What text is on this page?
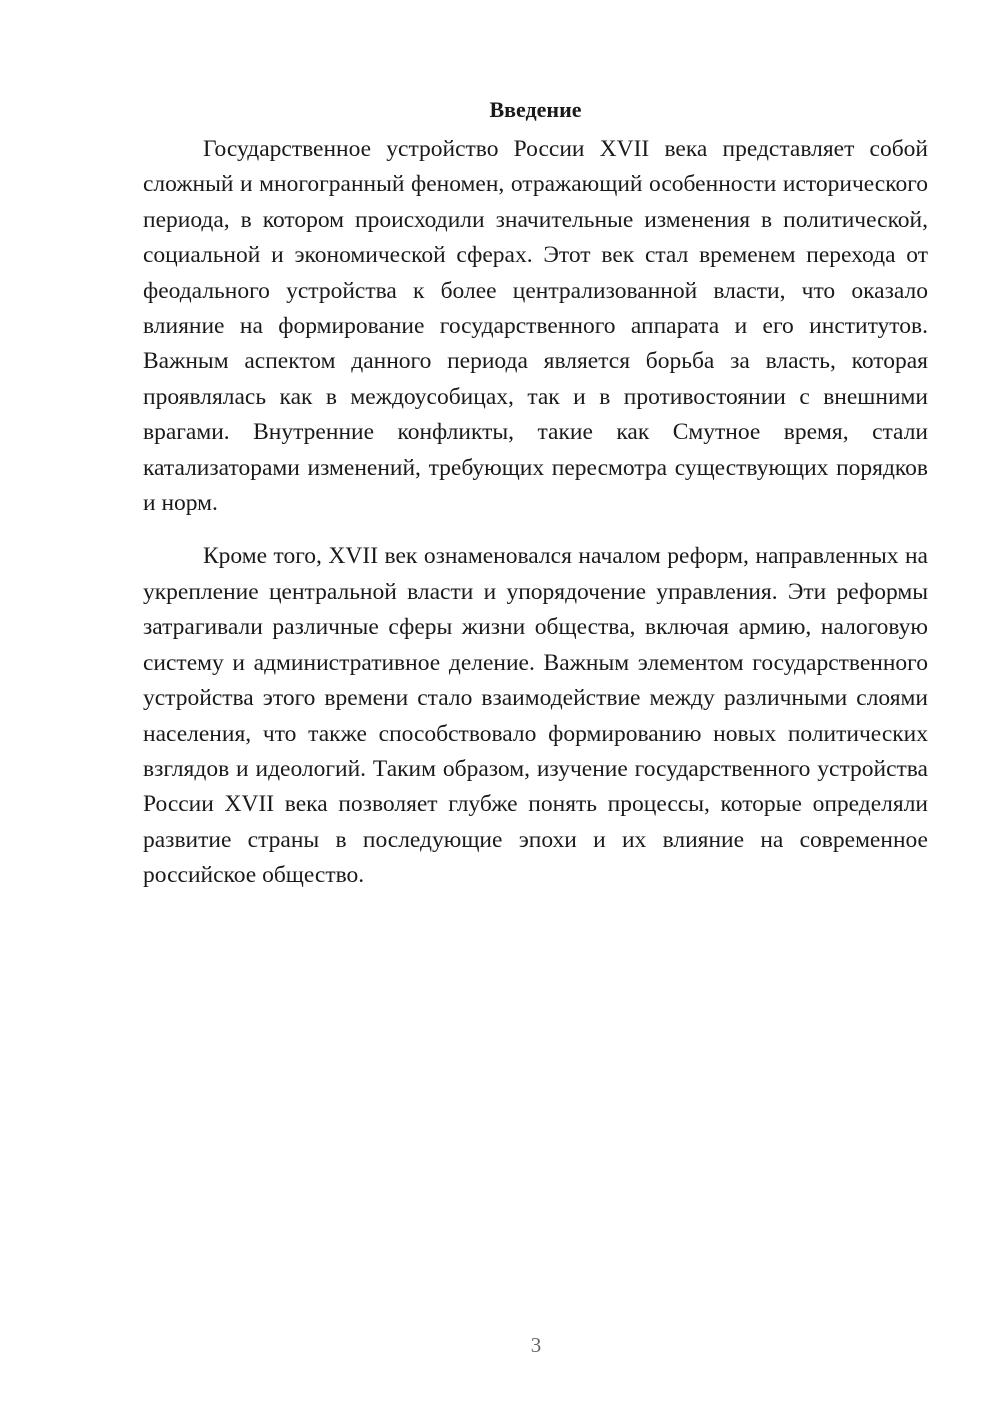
Введение

Государственное устройство России XVII века представляет собой сложный и многогранный феномен, отражающий особенности исторического периода, в котором происходили значительные изменения в политической, социальной и экономической сферах. Этот век стал временем перехода от феодального устройства к более централизованной власти, что оказало влияние на формирование государственного аппарата и его институтов. Важным аспектом данного периода является борьба за власть, которая проявлялась как в междоусобицах, так и в противостоянии с внешними врагами. Внутренние конфликты, такие как Смутное время, стали катализаторами изменений, требующих пересмотра существующих порядков и норм.

Кроме того, XVII век ознаменовался началом реформ, направленных на укрепление центральной власти и упорядочение управления. Эти реформы затрагивали различные сферы жизни общества, включая армию, налоговую систему и административное деление. Важным элементом государственного устройства этого времени стало взаимодействие между различными слоями населения, что также способствовало формированию новых политических взглядов и идеологий. Таким образом, изучение государственного устройства России XVII века позволяет глубже понять процессы, которые определяли развитие страны в последующие эпохи и их влияние на современное российское общество.

3
